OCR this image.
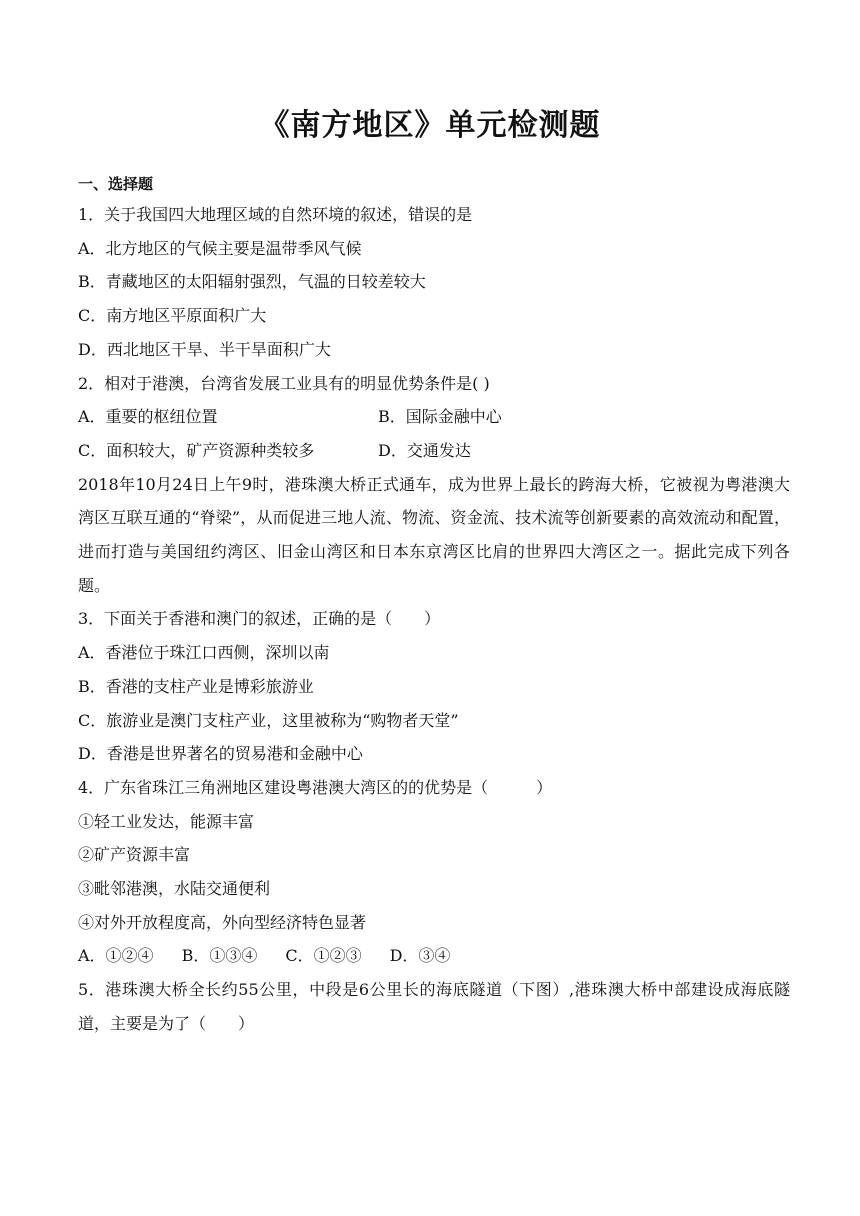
《南方地区》单元检测题
一、选择题
1．关于我国四大地理区域的自然环境的叙述，错误的是
A．北方地区的气候主要是温带季风气候
B．青藏地区的太阳辐射强烈，气温的日较差较大
C．南方地区平原面积广大
D．西北地区干旱、半干旱面积广大
2．相对于港澳，台湾省发展工业具有的明显优势条件是( )
A．重要的枢纽位置	B．国际金融中心
C．面积较大，矿产资源种类较多	D．交通发达
2018年10月24日上午9时，港珠澳大桥正式通车，成为世界上最长的跨海大桥，它被视为粤港澳大湾区互联互通的“脊梁”，从而促进三地人流、物流、资金流、技术流等创新要素的高效流动和配置，进而打造与美国纽约湾区、旧金山湾区和日本东京湾区比肩的世界四大湾区之一。据此完成下列各题。
3．下面关于香港和澳门的叙述，正确的是（　　）
A．香港位于珠江口西侧，深圳以南
B．香港的支柱产业是博彩旅游业
C．旅游业是澳门支柱产业，这里被称为“购物者天堂”
D．香港是世界著名的贸易港和金融中心
4．广东省珠江三角洲地区建设粤港澳大湾区的的优势是（　　　）
①轻工业发达，能源丰富
②矿产资源丰富
③毗邻港澳，水陆交通便利
④对外开放程度高，外向型经济特色显著
A．①②④ B．①③④ C．①②③ D．③④
5．港珠澳大桥全长约55公里，中段是6公里长的海底隧道（下图）,港珠澳大桥中部建设成海底隧道，主要是为了（　　）
